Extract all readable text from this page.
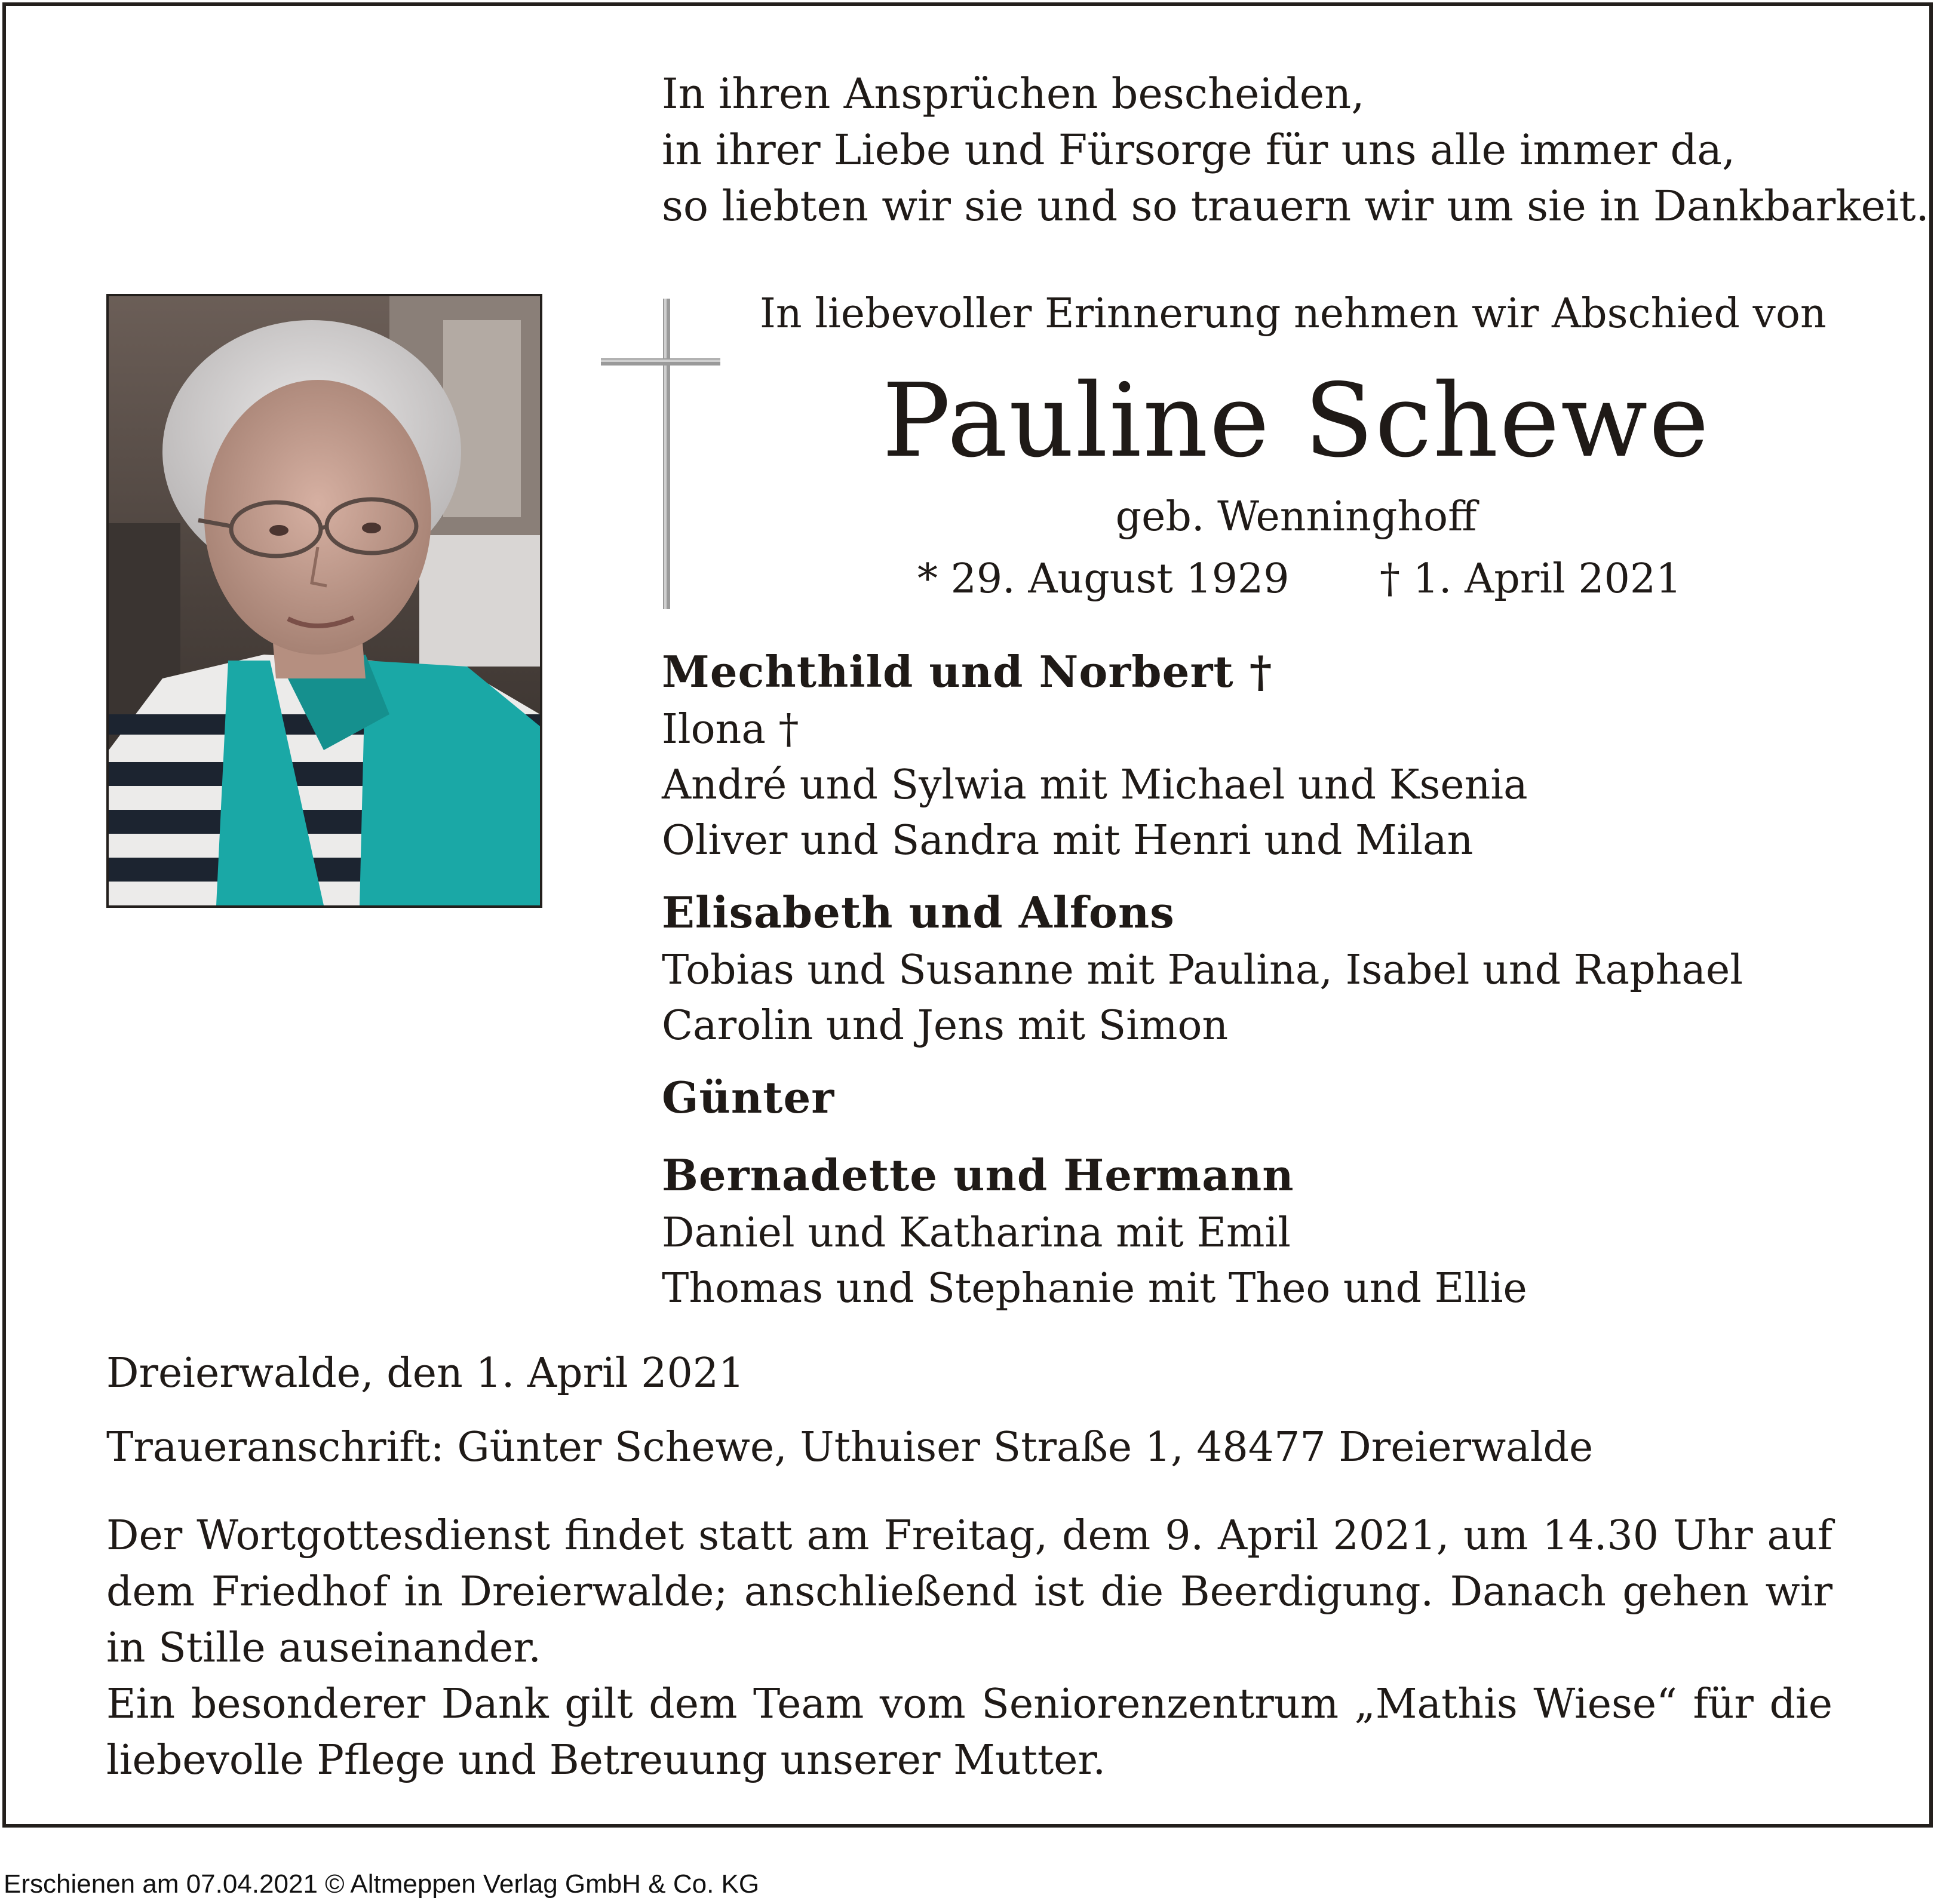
In ihren Ansprüchen bescheiden,
in ihrer Liebe und Fürsorge für uns alle immer da,
so liebten wir sie und so trauern wir um sie in Dankbarkeit.
In liebevoller Erinnerung nehmen wir Abschied von
Pauline Schewe
geb. Wenninghoff
* 29. August 1929 † 1. April 2021
Mechthild und Norbert †
Ilona †
André und Sylwia mit Michael und Ksenia
Oliver und Sandra mit Henri und Milan
Elisabeth und Alfons
Tobias und Susanne mit Paulina, Isabel und Raphael
Carolin und Jens mit Simon
Günter
Bernadette und Hermann
Daniel und Katharina mit Emil
Thomas und Stephanie mit Theo und Ellie
Dreierwalde, den 1. April 2021
Traueranschrift: Günter Schewe, Uthuiser Straße 1, 48477 Dreierwalde

Der Wortgottesdienst findet statt am Freitag, dem 9. April 2021, um 14.30 Uhr auf dem Friedhof in Dreierwalde; anschließend ist die Beerdigung. Danach gehen wir in Stille auseinander.

Ein besonderer Dank gilt dem Team vom Seniorenzentrum „Mathis Wiese“ für die liebevolle Pflege und Betreuung unserer Mutter.

Erschienen am 07.04.2021 © Altmeppen Verlag GmbH & Co. KG
